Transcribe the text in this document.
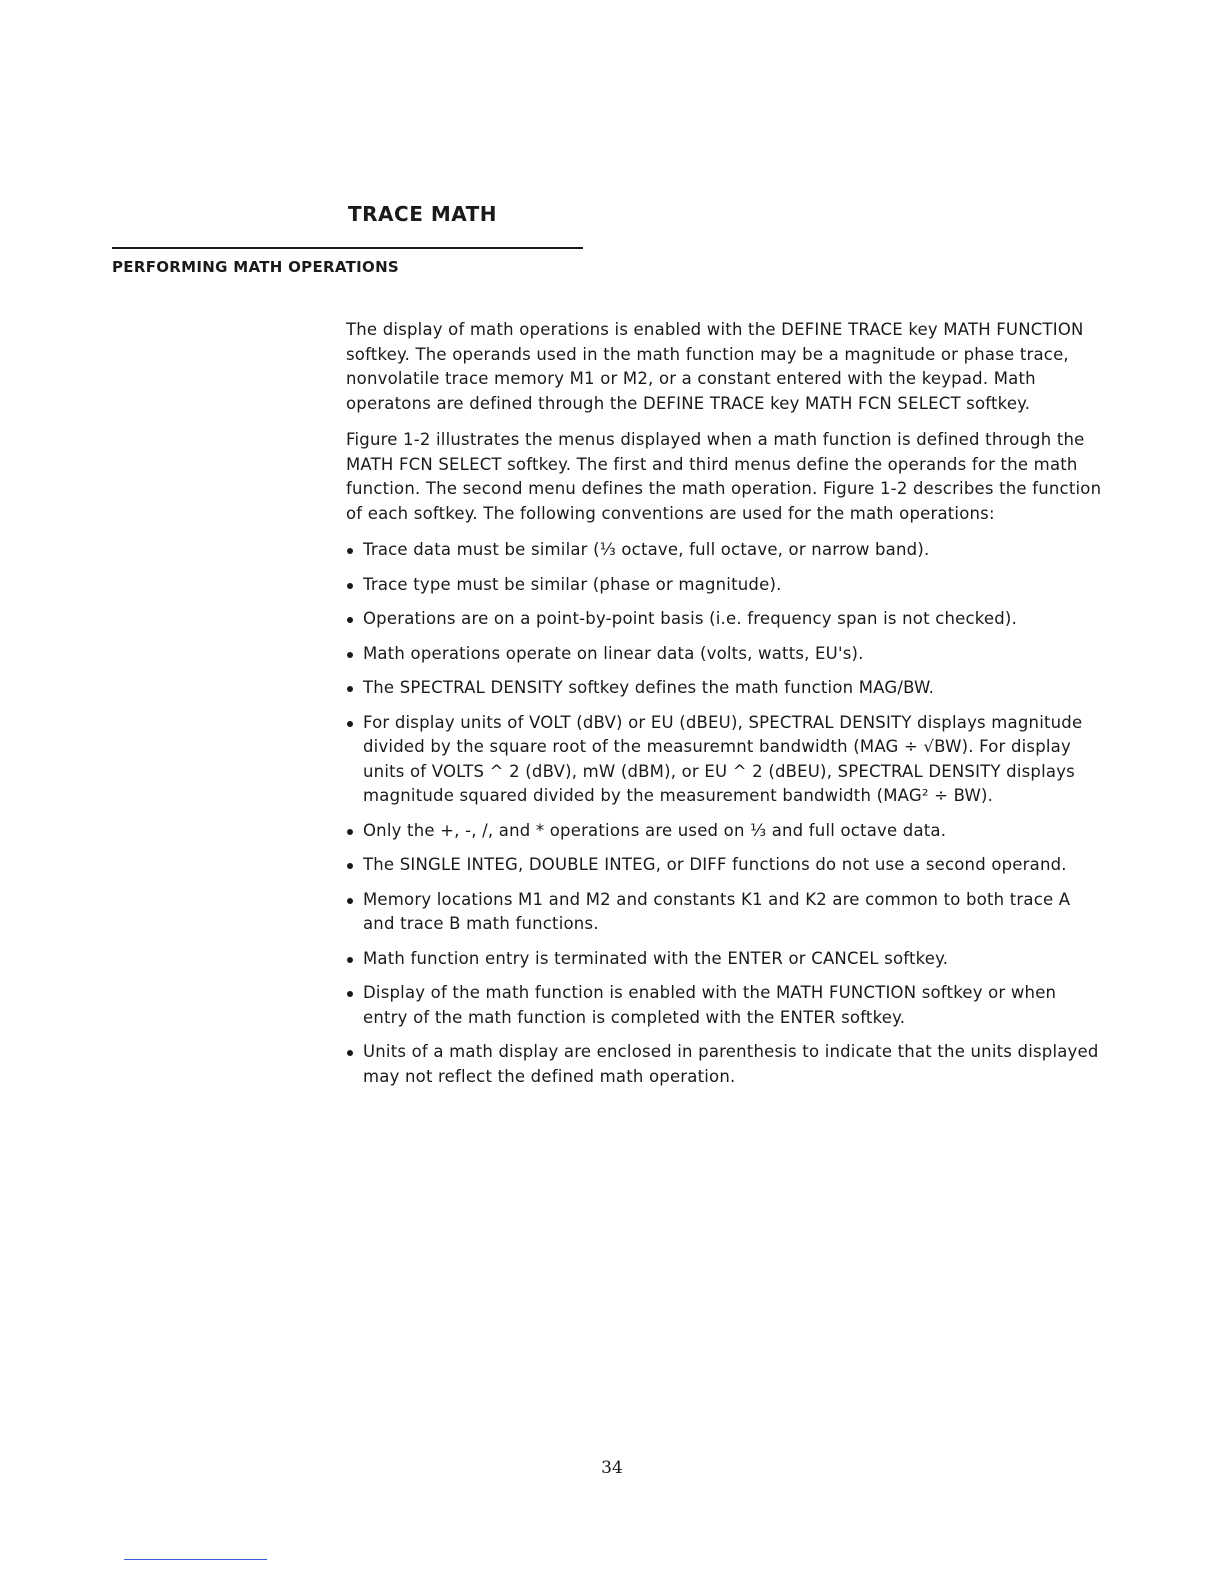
TRACE MATH
PERFORMING MATH OPERATIONS

The display of math operations is enabled with the DEFINE TRACE key MATH FUNCTION softkey. The operands used in the math function may be a magnitude or phase trace, nonvolatile trace memory M1 or M2, or a constant entered with the keypad. Math operatons are defined through the DEFINE TRACE key MATH FCN SELECT softkey.

Figure 1-2 illustrates the menus displayed when a math function is defined through the MATH FCN SELECT softkey. The first and third menus define the operands for the math function. The second menu defines the math operation. Figure 1-2 describes the function of each softkey. The following conventions are used for the math operations:

Trace data must be similar (⅓ octave, full octave, or narrow band).
Trace type must be similar (phase or magnitude).
Operations are on a point-by-point basis (i.e. frequency span is not checked).
Math operations operate on linear data (volts, watts, EU's).
The SPECTRAL DENSITY softkey defines the math function MAG/BW.
For display units of VOLT (dBV) or EU (dBEU), SPECTRAL DENSITY displays magnitude divided by the square root of the measuremnt bandwidth (MAG ÷ √BW). For display units of VOLTS ^ 2 (dBV), mW (dBM), or EU ^ 2 (dBEU), SPECTRAL DENSITY displays magnitude squared divided by the measurement bandwidth (MAG² ÷ BW).
Only the +, -, /, and * operations are used on ⅓ and full octave data.
The SINGLE INTEG, DOUBLE INTEG, or DIFF functions do not use a second operand.
Memory locations M1 and M2 and constants K1 and K2 are common to both trace A and trace B math functions.
Math function entry is terminated with the ENTER or CANCEL softkey.
Display of the math function is enabled with the MATH FUNCTION softkey or when entry of the math function is completed with the ENTER softkey.
Units of a math display are enclosed in parenthesis to indicate that the units displayed may not reflect the defined math operation.
34
